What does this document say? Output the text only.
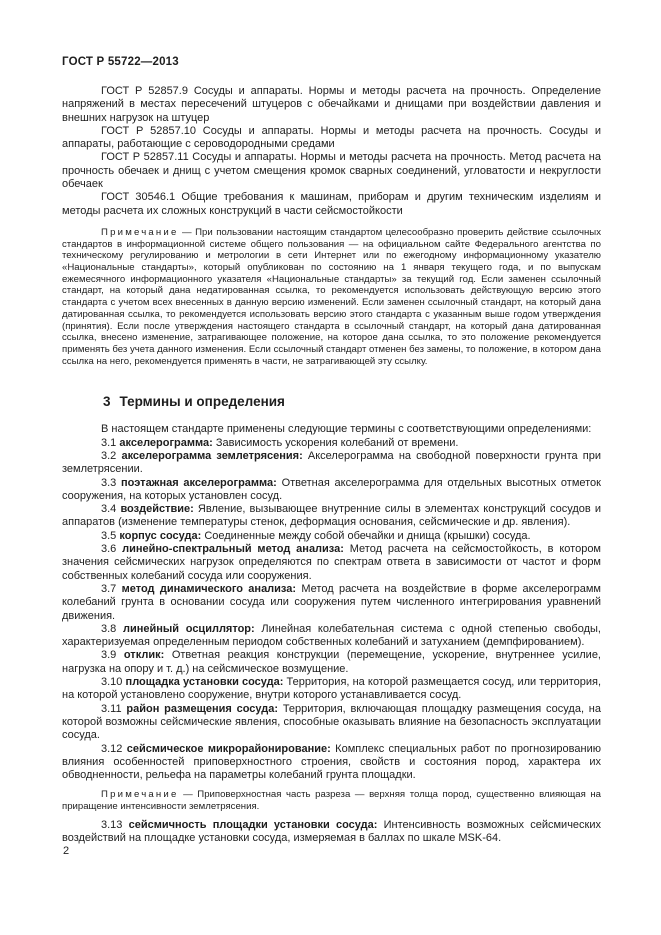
ГОСТ Р 55722—2013

ГОСТ Р 52857.9 Сосуды и аппараты. Нормы и методы расчета на прочность. Определение напряжений в местах пересечений штуцеров с обечайками и днищами при воздействии давления и внешних нагрузок на штуцер

ГОСТ Р 52857.10 Сосуды и аппараты. Нормы и методы расчета на прочность. Сосуды и аппараты, работающие с сероводородными средами

ГОСТ Р 52857.11 Сосуды и аппараты. Нормы и методы расчета на прочность. Метод расчета на прочность обечаек и днищ с учетом смещения кромок сварных соединений, угловатости и некруглости обечаек

ГОСТ 30546.1 Общие требования к машинам, приборам и другим техническим изделиям и методы расчета их сложных конструкций в части сейсмостойкости

Примечание — При пользовании настоящим стандартом целесообразно проверить действие ссылочных стандартов в информационной системе общего пользования — на официальном сайте Федерального агентства по техническому регулированию и метрологии в сети Интернет или по ежегодному информационному указателю «Национальные стандарты», который опубликован по состоянию на 1 января текущего года, и по выпускам ежемесячного информационного указателя «Национальные стандарты» за текущий год. Если заменен ссылочный стандарт, на который дана недатированная ссылка, то рекомендуется использовать действующую версию этого стандарта с учетом всех внесенных в данную версию изменений. Если заменен ссылочный стандарт, на который дана датированная ссылка, то рекомендуется использовать версию этого стандарта с указанным выше годом утверждения (принятия). Если после утверждения настоящего стандарта в ссылочный стандарт, на который дана датированная ссылка, внесено изменение, затрагивающее положение, на которое дана ссылка, то это положение рекомендуется применять без учета данного изменения. Если ссылочный стандарт отменен без замены, то положение, в котором дана ссылка на него, рекомендуется применять в части, не затрагивающей эту ссылку.

3 Термины и определения

В настоящем стандарте применены следующие термины с соответствующими определениями:

3.1 акселерограмма: Зависимость ускорения колебаний от времени.

3.2 акселерограмма землетрясения: Акселерограмма на свободной поверхности грунта при землетрясении.

3.3 поэтажная акселерограмма: Ответная акселерограмма для отдельных высотных отметок сооружения, на которых установлен сосуд.

3.4 воздействие: Явление, вызывающее внутренние силы в элементах конструкций сосудов и аппаратов (изменение температуры стенок, деформация основания, сейсмические и др. явления).

3.5 корпус сосуда: Соединенные между собой обечайки и днища (крышки) сосуда.

3.6 линейно-спектральный метод анализа: Метод расчета на сейсмостойкость, в котором значения сейсмических нагрузок определяются по спектрам ответа в зависимости от частот и форм собственных колебаний сосуда или сооружения.

3.7 метод динамического анализа: Метод расчета на воздействие в форме акселерограмм колебаний грунта в основании сосуда или сооружения путем численного интегрирования уравнений движения.

3.8 линейный осциллятор: Линейная колебательная система с одной степенью свободы, характеризуемая определенным периодом собственных колебаний и затуханием (демпфированием).

3.9 отклик: Ответная реакция конструкции (перемещение, ускорение, внутреннее усилие, нагрузка на опору и т. д.) на сейсмическое возмущение.

3.10 площадка установки сосуда: Территория, на которой размещается сосуд, или территория, на которой установлено сооружение, внутри которого устанавливается сосуд.

3.11 район размещения сосуда: Территория, включающая площадку размещения сосуда, на которой возможны сейсмические явления, способные оказывать влияние на безопасность эксплуатации сосуда.

3.12 сейсмическое микрорайонирование: Комплекс специальных работ по прогнозированию влияния особенностей приповерхностного строения, свойств и состояния пород, характера их обводненности, рельефа на параметры колебаний грунта площадки.

Примечание — Приповерхностная часть разреза — верхняя толща пород, существенно влияющая на приращение интенсивности землетрясения.

3.13 сейсмичность площадки установки сосуда: Интенсивность возможных сейсмических воздействий на площадке установки сосуда, измеряемая в баллах по шкале MSK-64.

2
